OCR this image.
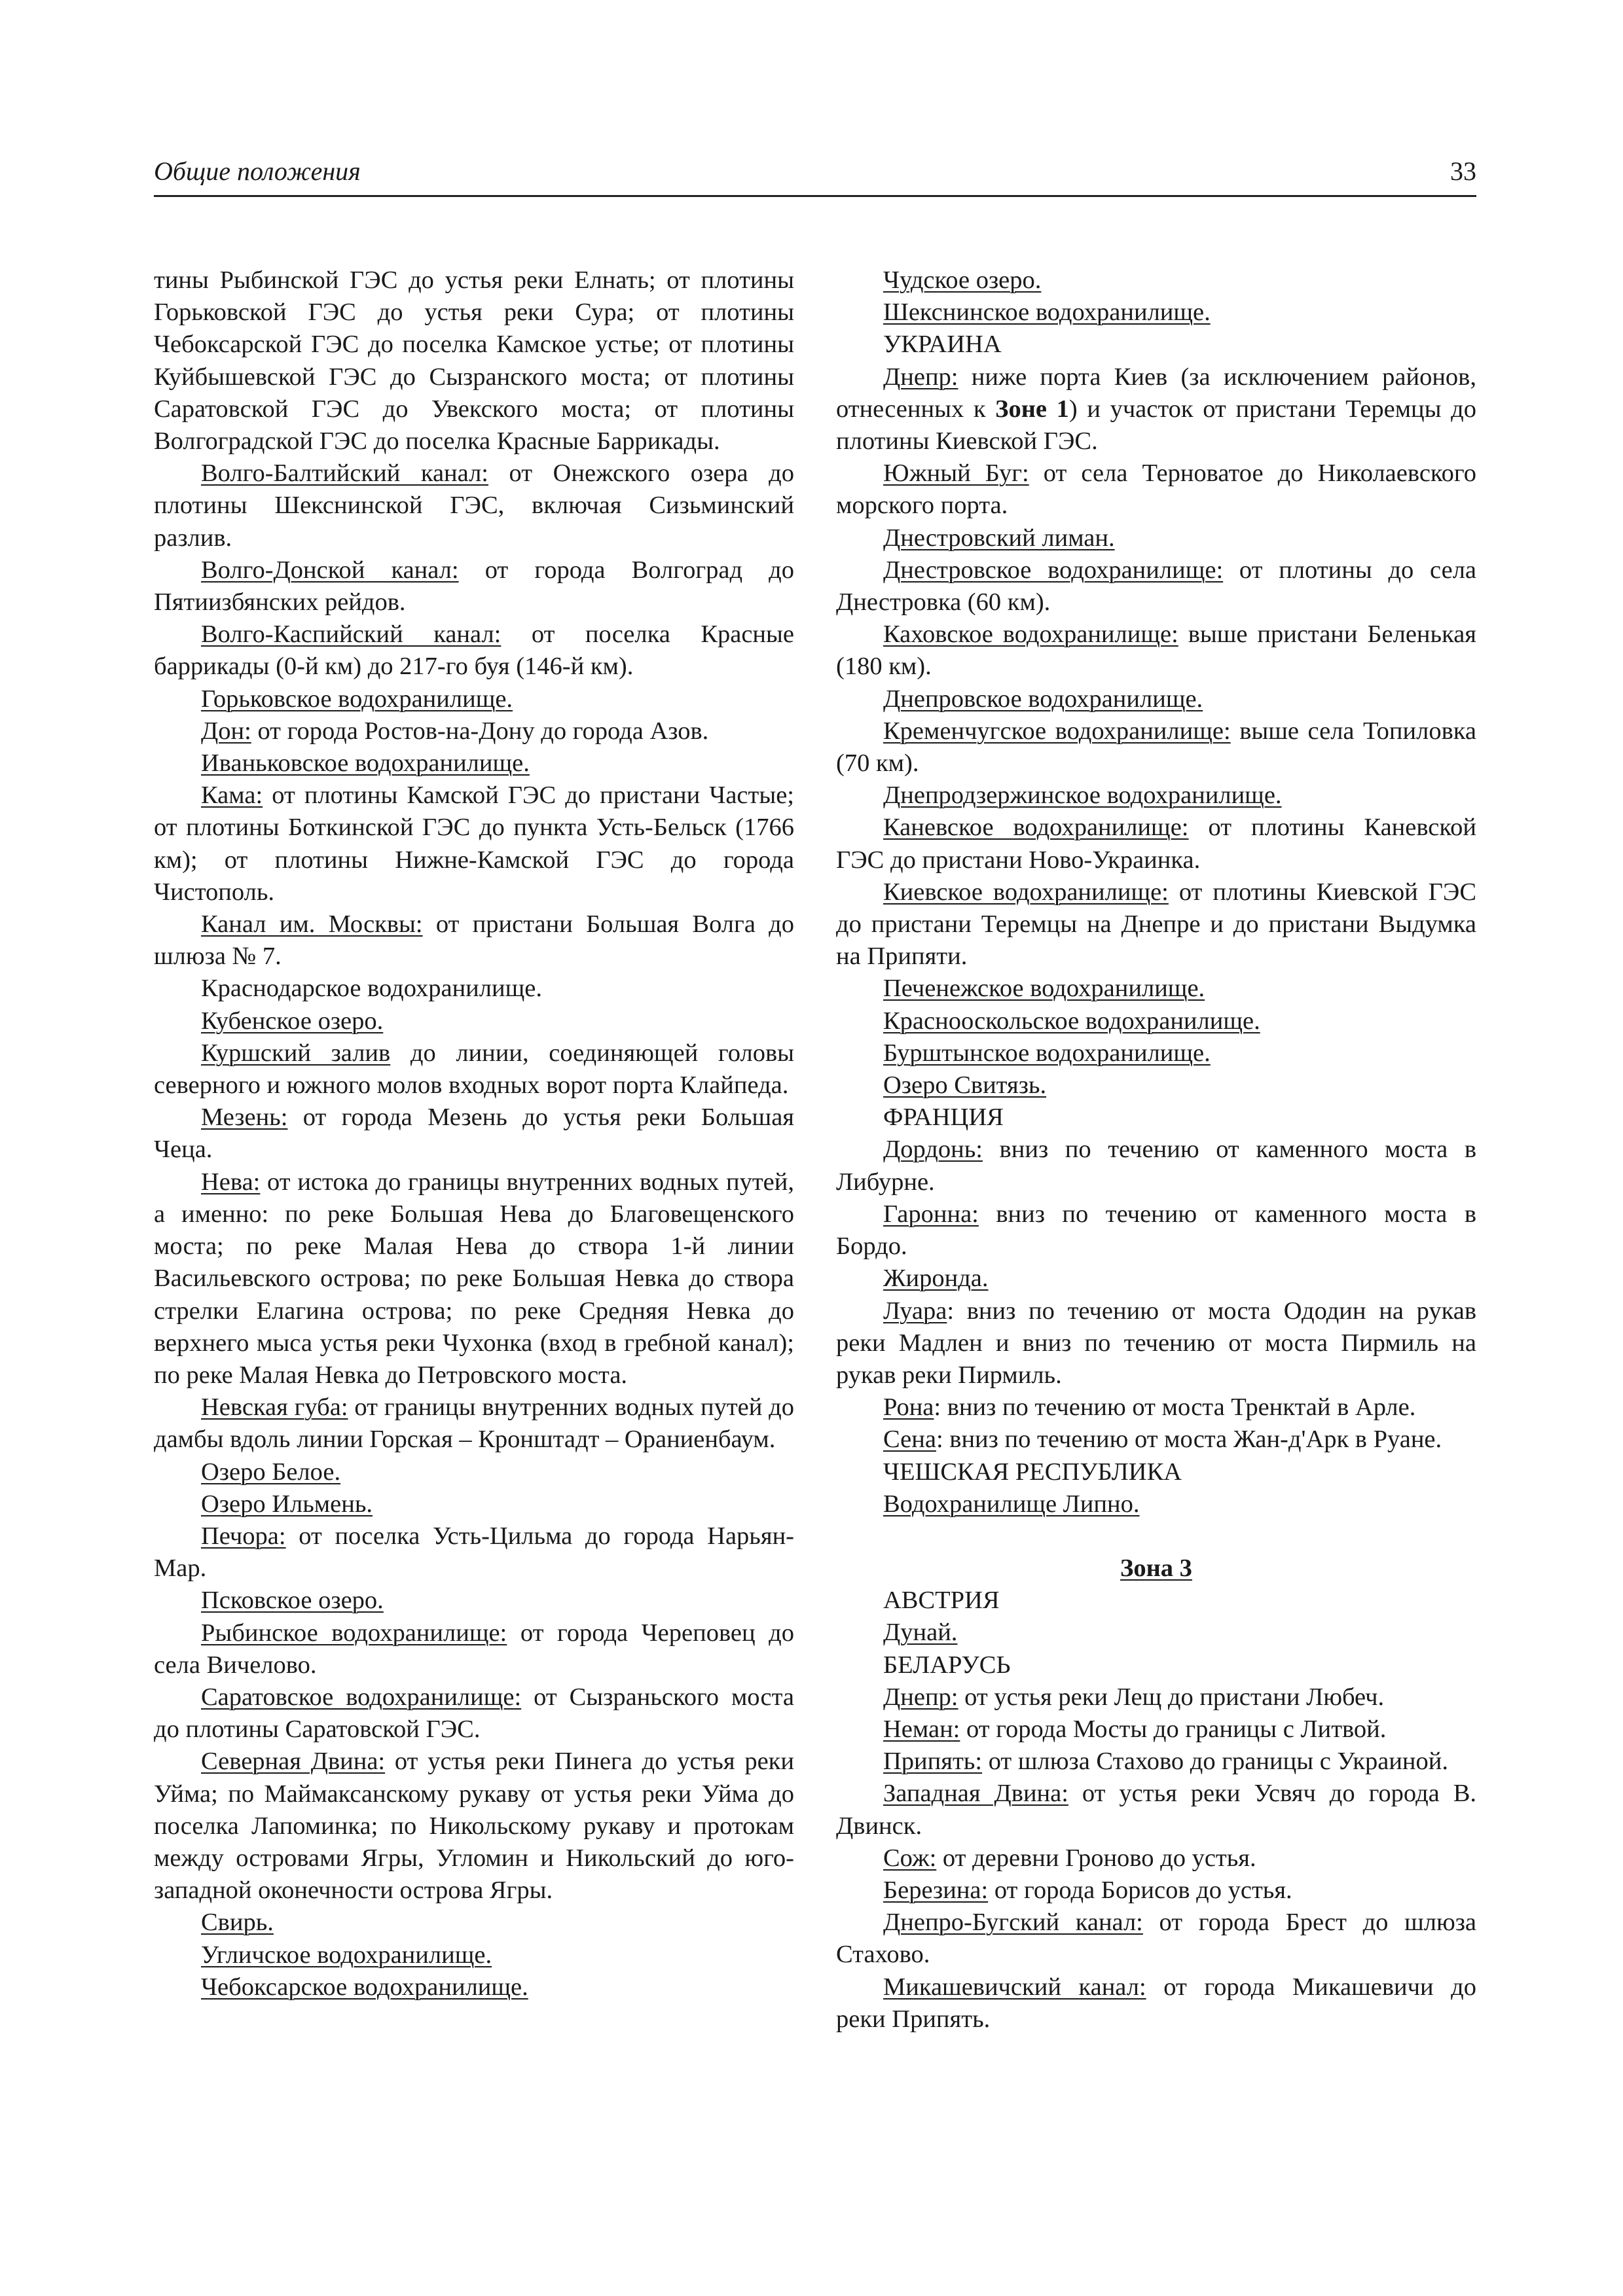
Общие положения	33

тины Рыбинской ГЭС до устья реки Елнать; от плотины Горьковской ГЭС до устья реки Сура; от плотины Чебоксарской ГЭС до поселка Камское устье; от плотины Куйбышевской ГЭС до Сызранского моста; от плотины Саратовской ГЭС до Увекского моста; от плотины Волгоградской ГЭС до поселка Красные Баррикады.

Волго-Балтийский канал: от Онежского озера до плотины Шекснинской ГЭС, включая Сизьминский разлив.

Волго-Донской канал: от города Волгоград до Пятиизбянских рейдов.

Волго-Каспийский канал: от поселка Красные баррикады (0-й км) до 217-го буя (146-й км).

Горьковское водохранилище.

Дон: от города Ростов-на-Дону до города Азов.

Иваньковское водохранилище.

Кама: от плотины Камской ГЭС до пристани Частые; от плотины Боткинской ГЭС до пункта Усть-Бельск (1766 км); от плотины Нижне-Камской ГЭС до города Чистополь.

Канал им. Москвы: от пристани Большая Волга до шлюза № 7.

Краснодарское водохранилище.

Кубенское озеро.

Куршский залив до линии, соединяющей головы северного и южного молов входных ворот порта Клайпеда.

Мезень: от города Мезень до устья реки Большая Чеца.

Нева: от истока до границы внутренних водных путей, а именно: по реке Большая Нева до Благовещенского моста; по реке Малая Нева до створа 1-й линии Васильевского острова; по реке Большая Невка до створа стрелки Елагина острова; по реке Средняя Невка до верхнего мыса устья реки Чухонка (вход в гребной канал); по реке Малая Невка до Петровского моста.

Невская губа: от границы внутренних водных путей до дамбы вдоль линии Горская – Кронштадт – Ораниенбаум.

Озеро Белое.

Озеро Ильмень.

Печора: от поселка Усть-Цильма до города Нарьян-Мар.

Псковское озеро.

Рыбинское водохранилище: от города Череповец до села Вичелово.

Саратовское водохранилище: от Сызраньского моста до плотины Саратовской ГЭС.

Северная Двина: от устья реки Пинега до устья реки Уйма; по Маймаксанскому рукаву от устья реки Уйма до поселка Лапоминка; по Никольскому рукаву и протокам между островами Ягры, Угломин и Никольский до юго-западной оконечности острова Ягры.

Свирь.

Угличское водохранилище.

Чебоксарское водохранилище.

Чудское озеро.

Шекснинское водохранилище.

УКРАИНА

Днепр: ниже порта Киев (за исключением районов, отнесенных к Зоне 1) и участок от пристани Теремцы до плотины Киевской ГЭС.

Южный Буг: от села Терноватое до Николаевского морского порта.

Днестровский лиман.

Днестровское водохранилище: от плотины до села Днестровка (60 км).

Каховское водохранилище: выше пристани Беленькая (180 км).

Днепровское водохранилище.

Кременчугское водохранилище: выше села Топиловка (70 км).

Днепродзержинское водохранилище.

Каневское водохранилище: от плотины Каневской ГЭС до пристани Ново-Украинка.

Киевское водохранилище: от плотины Киевской ГЭС до пристани Теремцы на Днепре и до пристани Выдумка на Припяти.

Печенежское водохранилище.

Краснооскольское водохранилище.

Бурштынское водохранилище.

Озеро Свитязь.

ФРАНЦИЯ

Дордонь: вниз по течению от каменного моста в Либурне.

Гаронна: вниз по течению от каменного моста в Бордо.

Жиронда.

Луара: вниз по течению от моста Ододин на рукав реки Мадлен и вниз по течению от моста Пирмиль на рукав реки Пирмиль.

Рона: вниз по течению от моста Тренктай в Арле.

Сена: вниз по течению от моста Жан-д'Арк в Руане.

ЧЕШСКАЯ РЕСПУБЛИКА

Водохранилище Липно.

Зона 3

АВСТРИЯ

Дунай.

БЕЛАРУСЬ

Днепр: от устья реки Лещ до пристани Любеч.

Неман: от города Мосты до границы с Литвой.

Припять: от шлюза Стахово до границы с Украиной.

Западная Двина: от устья реки Усвяч до города В. Двинск.

Сож: от деревни Гроново до устья.

Березина: от города Борисов до устья.

Днепро-Бугский канал: от города Брест до шлюза Стахово.

Микашевичский канал: от города Микашевичи до реки Припять.
